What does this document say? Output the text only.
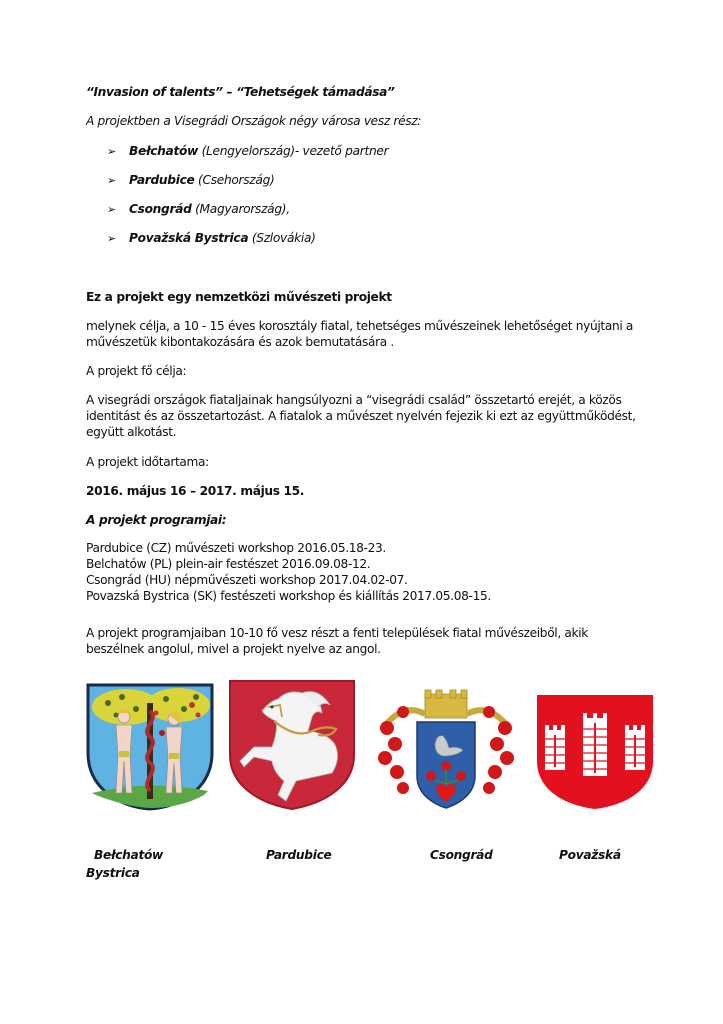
“Invasion of talents” – “Tehetségek támadása”
A projektben a Visegrádi Országok négy városa vesz rész:
➢ Bełchatów (Lengyelország)- vezető partner
➢ Pardubice (Csehország)
➢ Csongrád (Magyarország),
➢ Považská Bystrica (Szlovákia)
Ez a projekt egy nemzetközi művészeti projekt
melynek célja, a 10 - 15 éves korosztály fiatal, tehetséges művészeinek lehetőséget nyújtani a
művészetük kibontakozására és azok bemutatására .
A projekt fő célja:
A visegrádi országok fiataljainak hangsúlyozni a “visegrádi család” összetartó erejét, a közös
identitást és az összetartozást. A fiatalok a művészet nyelvén fejezik ki ezt az együttműködést,
együtt alkotást.
A projekt időtartama:
2016. május 16 – 2017. május 15.
A projekt programjai:
Pardubice (CZ) művészeti workshop 2016.05.18-23.
Belchatów (PL) plein-air festészet 2016.09.08-12.
Csongrád (HU) népművészeti workshop 2017.04.02-07.
Povazská Bystrica (SK) festészeti workshop és kiállítás 2017.05.08-15.
A projekt programjaiban 10-10 fő vesz részt a fenti települések fiatal művészeiből, akik
beszélnek angolul, mivel a projekt nyelve az angol.
Bełchatów	Pardubice	Csongrád	Považská
Bystrica
